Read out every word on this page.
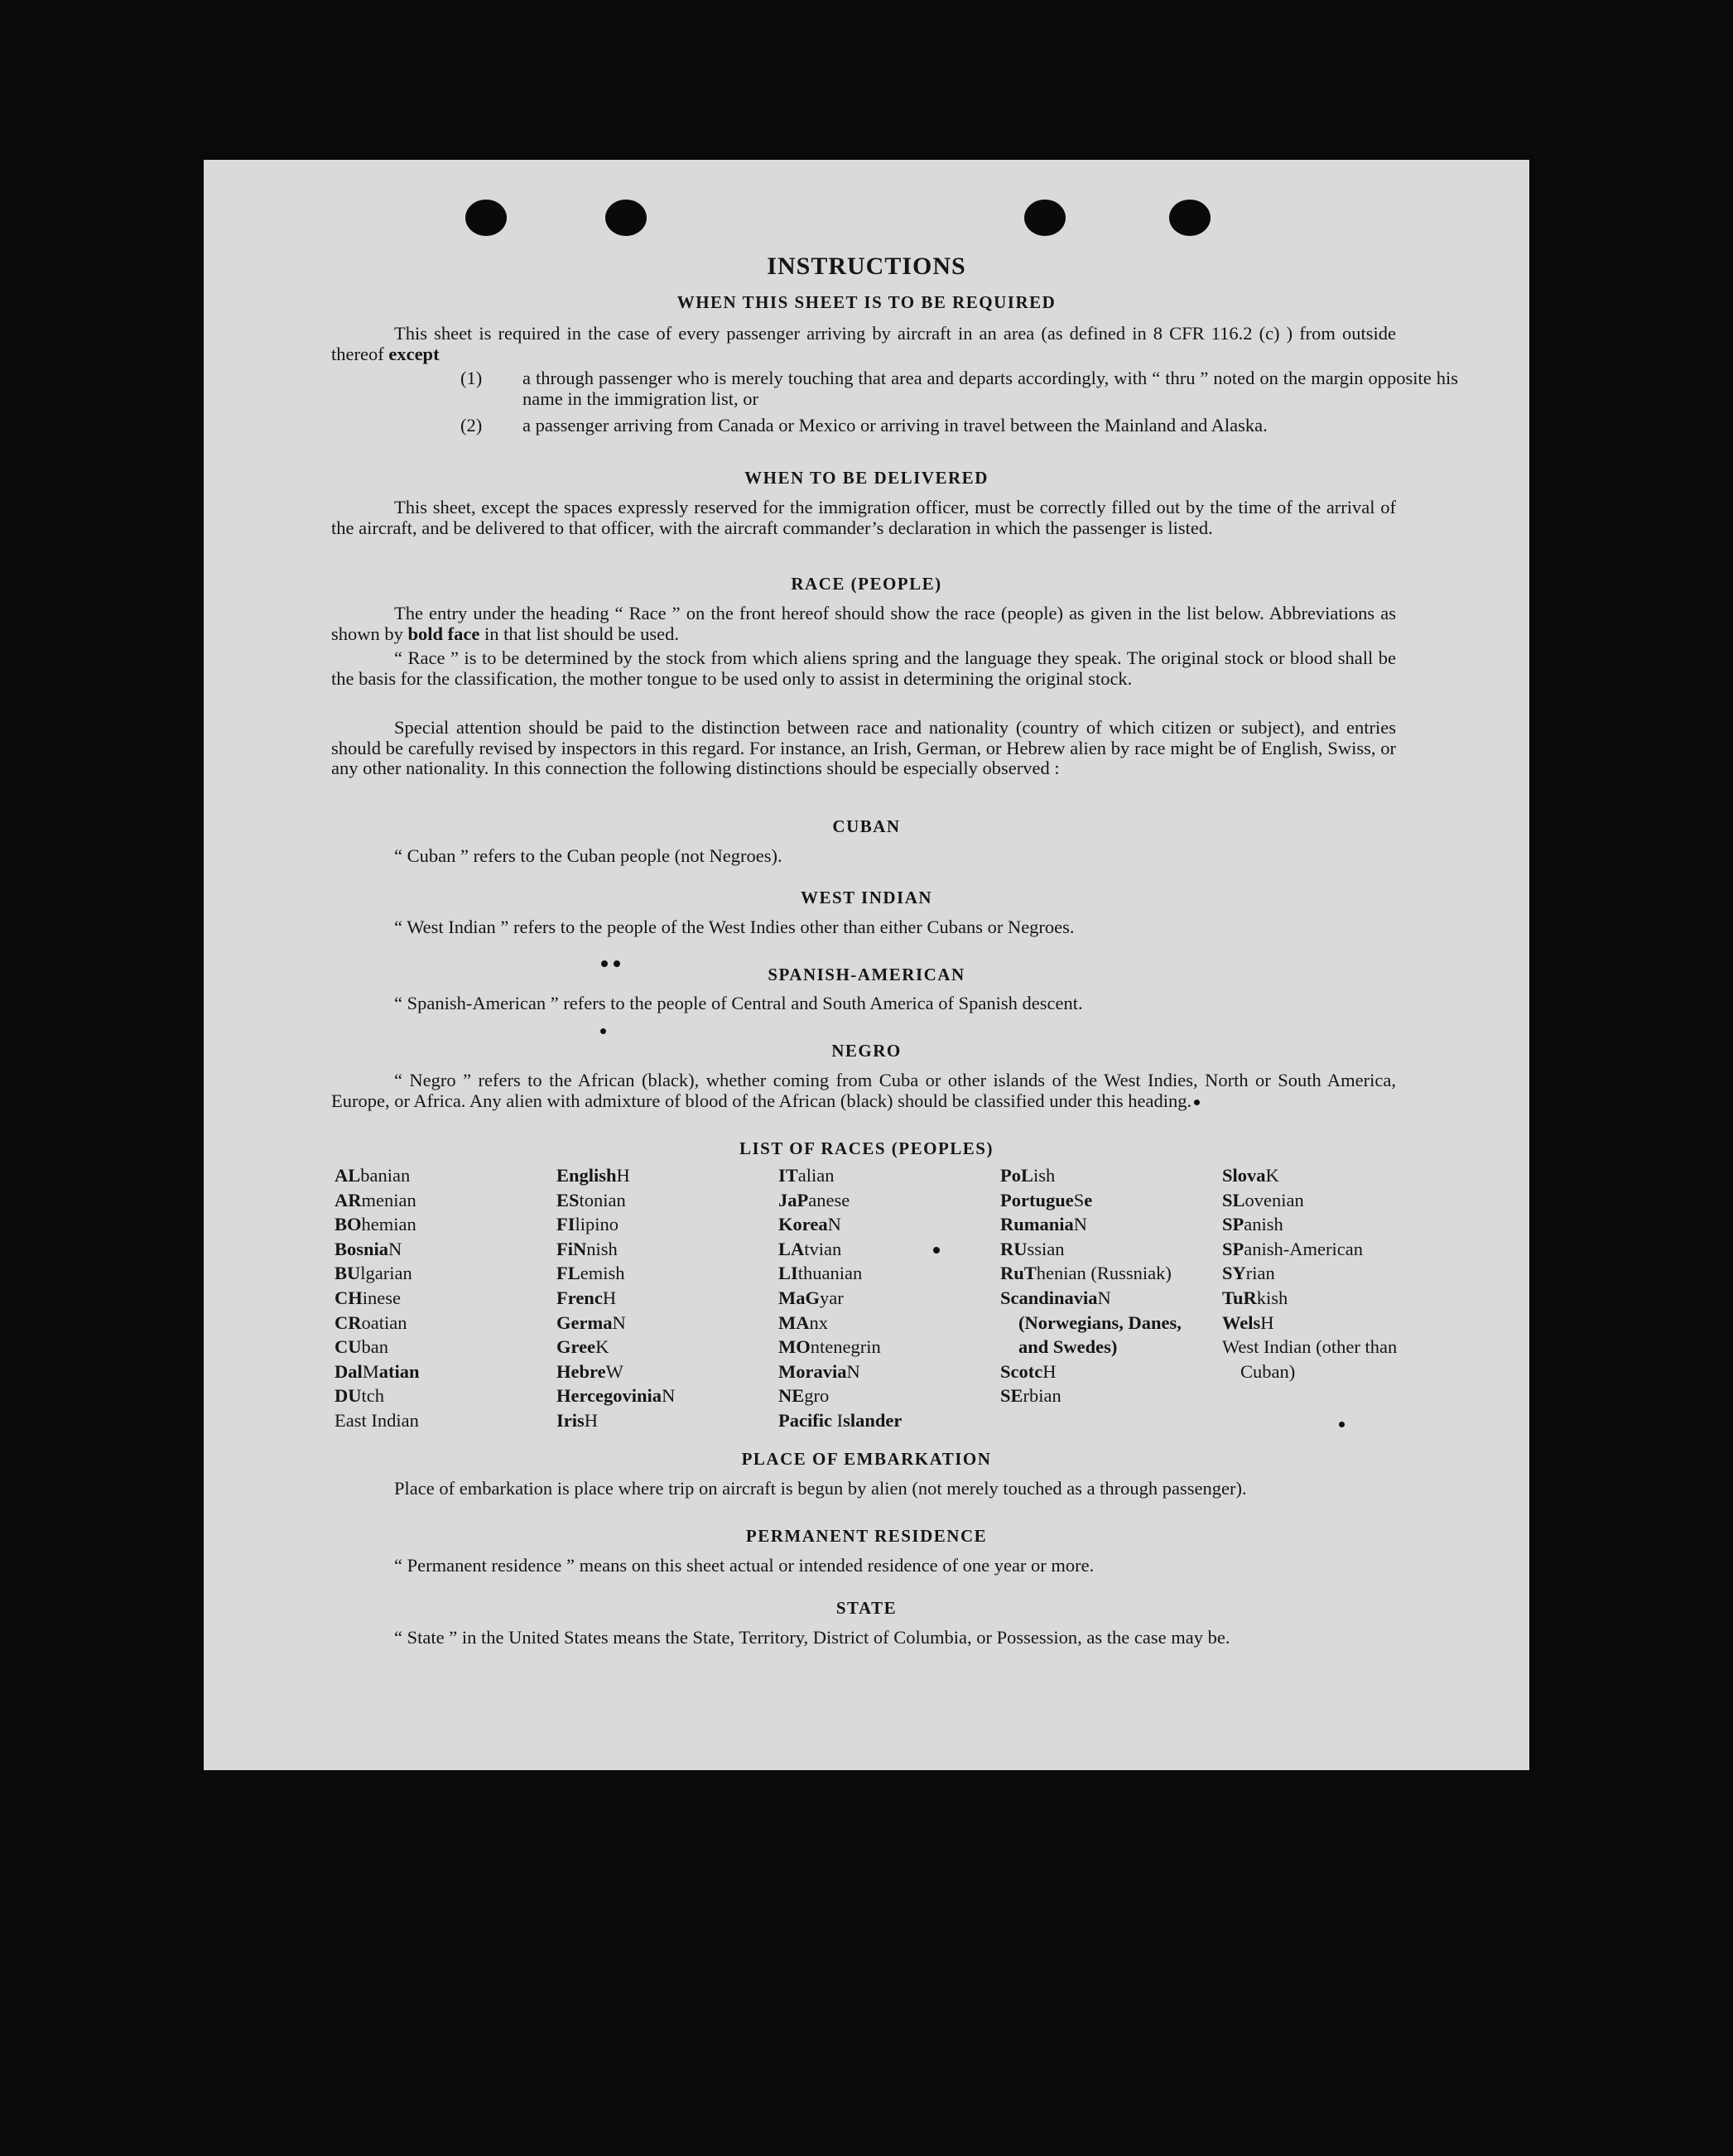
INSTRUCTIONS
WHEN THIS SHEET IS TO BE REQUIRED

This sheet is required in the case of every passenger arriving by aircraft in an area (as defined in 8 CFR 116.2 (c) ) from outside thereof except

(1) a through passenger who is merely touching that area and departs accordingly, with “ thru ” noted on the margin opposite his name in the immigration list, or

(2) a passenger arriving from Canada or Mexico or arriving in travel between the Mainland and Alaska.

WHEN TO BE DELIVERED

This sheet, except the spaces expressly reserved for the immigration officer, must be correctly filled out by the time of the arrival of the aircraft, and be delivered to that officer, with the aircraft commander’s declaration in which the passenger is listed.

RACE (PEOPLE)

The entry under the heading “ Race ” on the front hereof should show the race (people) as given in the list below. Abbreviations as shown by bold face in that list should be used.

“ Race ” is to be determined by the stock from which aliens spring and the language they speak. The original stock or blood shall be the basis for the classification, the mother tongue to be used only to assist in determining the original stock.

Special attention should be paid to the distinction between race and nationality (country of which citizen or subject), and entries should be carefully revised by inspectors in this regard. For instance, an Irish, German, or Hebrew alien by race might be of English, Swiss, or any other nationality. In this connection the following distinctions should be especially observed :

CUBAN

“ Cuban ” refers to the Cuban people (not Negroes).

WEST INDIAN

“ West Indian ” refers to the people of the West Indies other than either Cubans or Negroes.

SPANISH-AMERICAN

“ Spanish-American ” refers to the people of Central and South America of Spanish descent.

NEGRO

“ Negro ” refers to the African (black), whether coming from Cuba or other islands of the West Indies, North or South America, Europe, or Africa. Any alien with admixture of blood of the African (black) should be classified under this heading.

LIST OF RACES (PEOPLES)
ALbanian
ARmenian
BOhemian
BosniaN
BUlgarian
CHinese
CRoatian
CUban
DalMatian
DUtch
East Indian
EnglishH
EStonian
FIlipino
FiNnish
FLemish
FrencH
GermaN
GreeK
HebreW
HercegoviniaN
IrisH
ITalian
JaPanese
KoreaN
LAtvian
LIthuanian
MaGyar
MAnx
MOntenegrin
MoraviaN
NEgro
Pacific Islander
PoLish
PortugueSe
RumaniaN
RUssian
RuThenian (Russniak)
ScandinaviaN (Norwegians, Danes, and Swedes)
ScotcH
SErbian
SlovaK
SLovenian
SPanish
SPanish-American
SYrian
TuRkish
WelsH
West Indian (other than Cuban)
PLACE OF EMBARKATION

Place of embarkation is place where trip on aircraft is begun by alien (not merely touched as a through passenger).

PERMANENT RESIDENCE

“ Permanent residence ” means on this sheet actual or intended residence of one year or more.

STATE

“ State ” in the United States means the State, Territory, District of Columbia, or Possession, as the case may be.
